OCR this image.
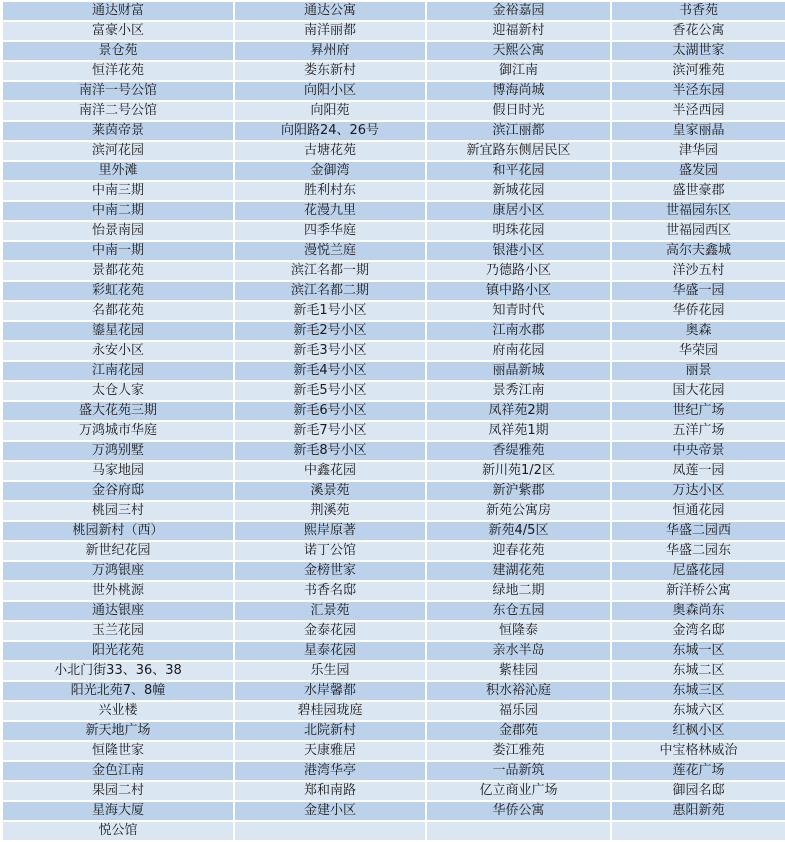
通达财富	通达公寓	金裕嘉园	书香苑
富豪小区	南洋丽都	迎福新村	香花公寓
景仓苑	昪州府	天熙公寓	太湖世家
恒洋花苑	娄东新村	御江南	滨河雅苑
南洋一号公馆	向阳小区	博海尚城	半泾东园
南洋二号公馆	向阳苑	假日时光	半泾西园
莱茵帝景	向阳路24、26号	滨江丽都	皇家丽晶
滨河花园	古塘花苑	新宜路东侧居民区	津华园
里外滩	金御湾	和平花园	盛发园
中南三期	胜利村东	新城花园	盛世豪郡
中南二期	花漫九里	康居小区	世福园东区
怡景南园	四季华庭	明珠花园	世福园西区
中南一期	漫悦兰庭	银港小区	高尔夫鑫城
景都花苑	滨江名都一期	乃德路小区	洋沙五村
彩虹花苑	滨江名都二期	镇中路小区	华盛一园
名都花苑	新毛1号小区	知青时代	华侨花园
鎏星花园	新毛2号小区	江南水郡	奥森
永安小区	新毛3号小区	府南花园	华荣园
江南花园	新毛4号小区	丽晶新城	丽景
太仓人家	新毛5号小区	景秀江南	国大花园
盛大花苑三期	新毛6号小区	凤祥苑2期	世纪广场
万鸿城市华庭	新毛7号小区	凤祥苑1期	五洋广场
万鸿别墅	新毛8号小区	香缇雅苑	中央帝景
马家地园	中鑫花园	新川苑1/2区	凤莲一园
金谷府邸	溪景苑	新沪紫郡	万达小区
桃园三村	荆溪苑	新苑公寓房	恒通花园
桃园新村（西）	熙岸原著	新苑4/5区	华盛二园西
新世纪花园	诺丁公馆	迎春花苑	华盛二园东
万鸿银座	金榜世家	建湖花苑	尼盛花园
世外桃源	书香名邸	绿地二期	新洋桥公寓
通达银座	汇景苑	东仓五园	奥森尚东
玉兰花园	金泰花园	恒隆泰	金湾名邸
阳光花苑	星泰花园	亲水半岛	东城一区
小北门街33、36、38	乐生园	紫桂园	东城二区
阳光北苑7、8幢	水岸馨都	积水裕沁庭	东城三区
兴业楼	碧桂园珑庭	福乐园	东城六区
新天地广场	北院新村	金郡苑	红枫小区
恒隆世家	天康雅居	娄江雅苑	中宝格林威治
金色江南	港湾华亭	一品新筑	莲花广场
果园二村	郑和南路	亿立商业广场	御园名邸
星海大厦	金建小区	华侨公寓	惠阳新苑
悦公馆			
